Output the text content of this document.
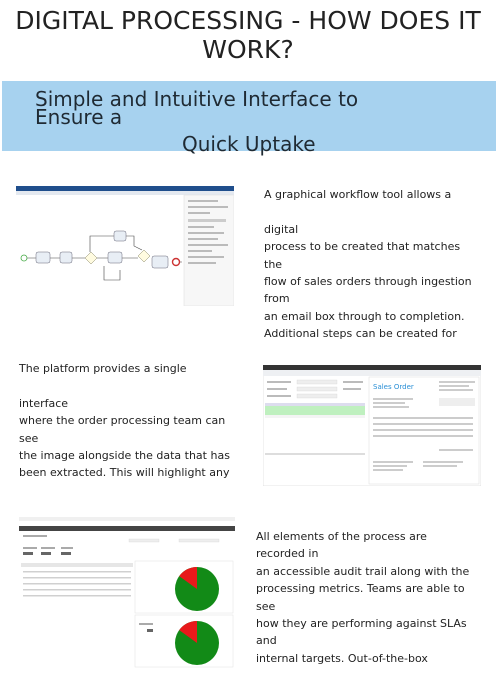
DIGITAL PROCESSING - HOW DOES IT
WORK?
Simple and Intuitive Interface to
Ensure a
Quick Uptake
A graphical workflow tool allows a
digital
process to be created that matches
the
flow of sales orders through ingestion
from
an email box through to completion.
Additional steps can be created for
The platform provides a single
interface
where the order processing team can
see
the image alongside the data that has
been extracted. This will highlight any
Sales Order
All elements of the process are
recorded in
an accessible audit trail along with the
processing metrics. Teams are able to
see
how they are performing against SLAs
and
internal targets. Out-of-the-box
